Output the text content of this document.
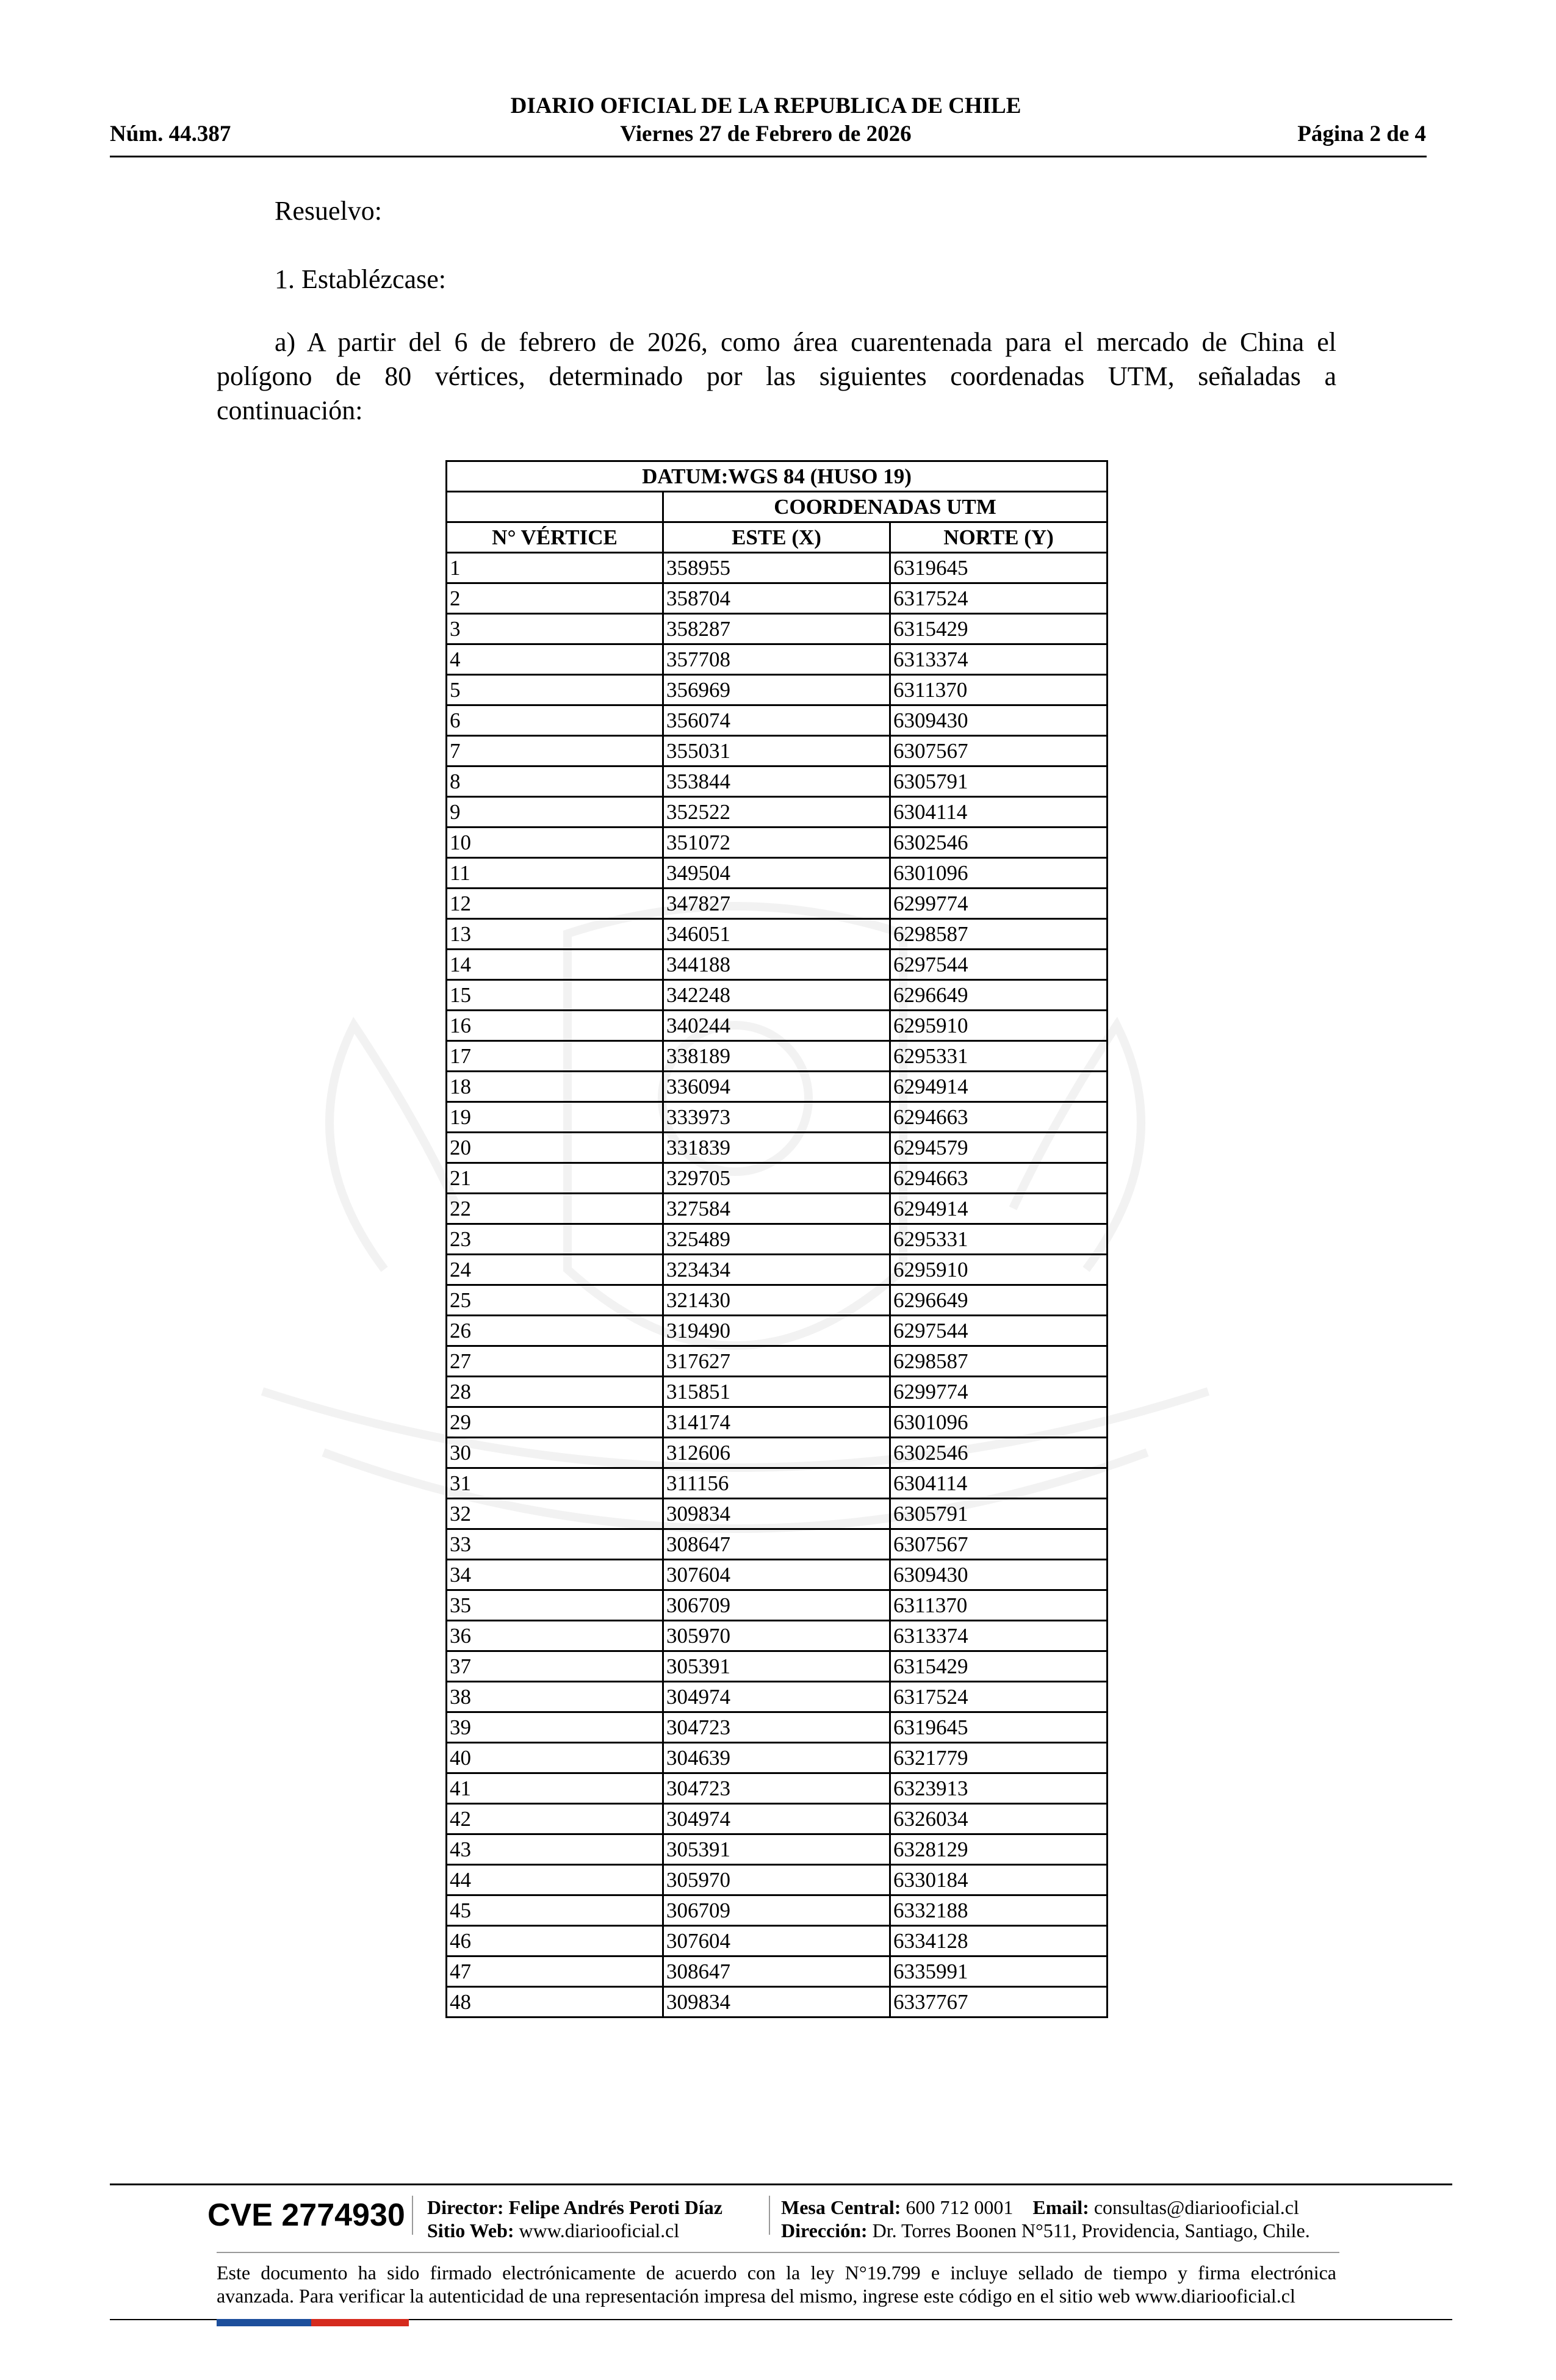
DIARIO OFICIAL DE LA REPUBLICA DE CHILE
Núm. 44.387	Viernes 27 de Febrero de 2026	Página 2 de 4
Resuelvo:
1. Establézcase:
a) A partir del 6 de febrero de 2026, como área cuarentenada para el mercado de China el
polígono de 80 vértices, determinado por las siguientes coordenadas UTM, señaladas a
continuación:
DATUM:WGS 84 (HUSO 19)		
	COORDENADAS UTM	
N° VÉRTICE	ESTE (X)	NORTE (Y)
1	358955	6319645
2	358704	6317524
3	358287	6315429
4	357708	6313374
5	356969	6311370
6	356074	6309430
7	355031	6307567
8	353844	6305791
9	352522	6304114
10	351072	6302546
11	349504	6301096
12	347827	6299774
13	346051	6298587
14	344188	6297544
15	342248	6296649
16	340244	6295910
17	338189	6295331
18	336094	6294914
19	333973	6294663
20	331839	6294579
21	329705	6294663
22	327584	6294914
23	325489	6295331
24	323434	6295910
25	321430	6296649
26	319490	6297544
27	317627	6298587
28	315851	6299774
29	314174	6301096
30	312606	6302546
31	311156	6304114
32	309834	6305791
33	308647	6307567
34	307604	6309430
35	306709	6311370
36	305970	6313374
37	305391	6315429
38	304974	6317524
39	304723	6319645
40	304639	6321779
41	304723	6323913
42	304974	6326034
43	305391	6328129
44	305970	6330184
45	306709	6332188
46	307604	6334128
47	308647	6335991
48	309834	6337767
CVE 2774930 Director: Felipe Andrés Peroti Díaz
Sitio Web: www.diariooficial.cl
Mesa Central: 600 712 0001 Email: consultas@diariooficial.cl
Dirección: Dr. Torres Boonen N°511, Providencia, Santiago, Chile.
Este documento ha sido firmado electrónicamente de acuerdo con la ley N°19.799 e incluye sellado de tiempo y firma electrónica
avanzada. Para verificar la autenticidad de una representación impresa del mismo, ingrese este código en el sitio web www.diariooficial.cl
